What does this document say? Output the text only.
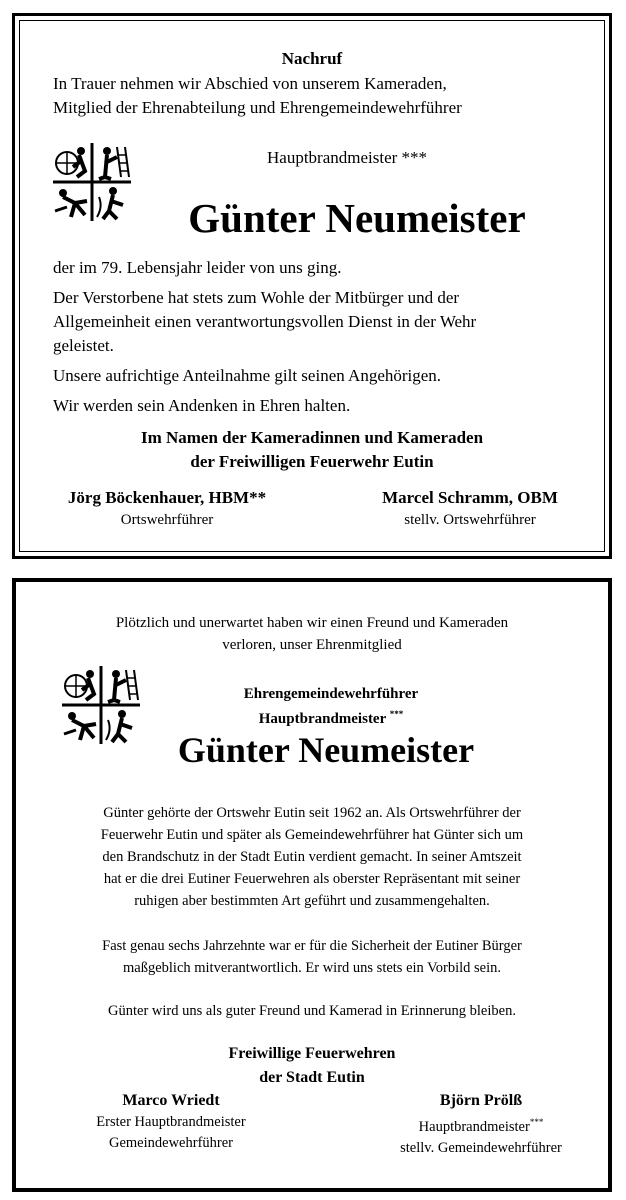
Nachruf
In Trauer nehmen wir Abschied von unserem Kameraden,
Mitglied der Ehrenabteilung und Ehrengemeindewehrführer
Hauptbrandmeister ***
Günter Neumeister
der im 79. Lebensjahr leider von uns ging.
Der Verstorbene hat stets zum Wohle der Mitbürger und der
Allgemeinheit einen verantwortungsvollen Dienst in der Wehr
geleistet.
Unsere aufrichtige Anteilnahme gilt seinen Angehörigen.
Wir werden sein Andenken in Ehren halten.
Im Namen der Kameradinnen und Kameraden
der Freiwilligen Feuerwehr Eutin
Jörg Böckenhauer, HBM**
Ortswehrführer
Marcel Schramm, OBM
stellv. Ortswehrführer
Plötzlich und unerwartet haben wir einen Freund und Kameraden
verloren, unser Ehrenmitglied
Ehrengemeindewehrführer
Hauptbrandmeister ***
Günter Neumeister
Günter gehörte der Ortswehr Eutin seit 1962 an. Als Ortswehrführer der
Feuerwehr Eutin und später als Gemeindewehrführer hat Günter sich um
den Brandschutz in der Stadt Eutin verdient gemacht. In seiner Amtszeit
hat er die drei Eutiner Feuerwehren als oberster Repräsentant mit seiner
ruhigen aber bestimmten Art geführt und zusammengehalten.
Fast genau sechs Jahrzehnte war er für die Sicherheit der Eutiner Bürger
maßgeblich mitverantwortlich. Er wird uns stets ein Vorbild sein.
Günter wird uns als guter Freund und Kamerad in Erinnerung bleiben.
Freiwillige Feuerwehren
der Stadt Eutin
Marco Wriedt
Erster Hauptbrandmeister
Gemeindewehrführer
Björn Prölß
Hauptbrandmeister***
stellv. Gemeindewehrführer
